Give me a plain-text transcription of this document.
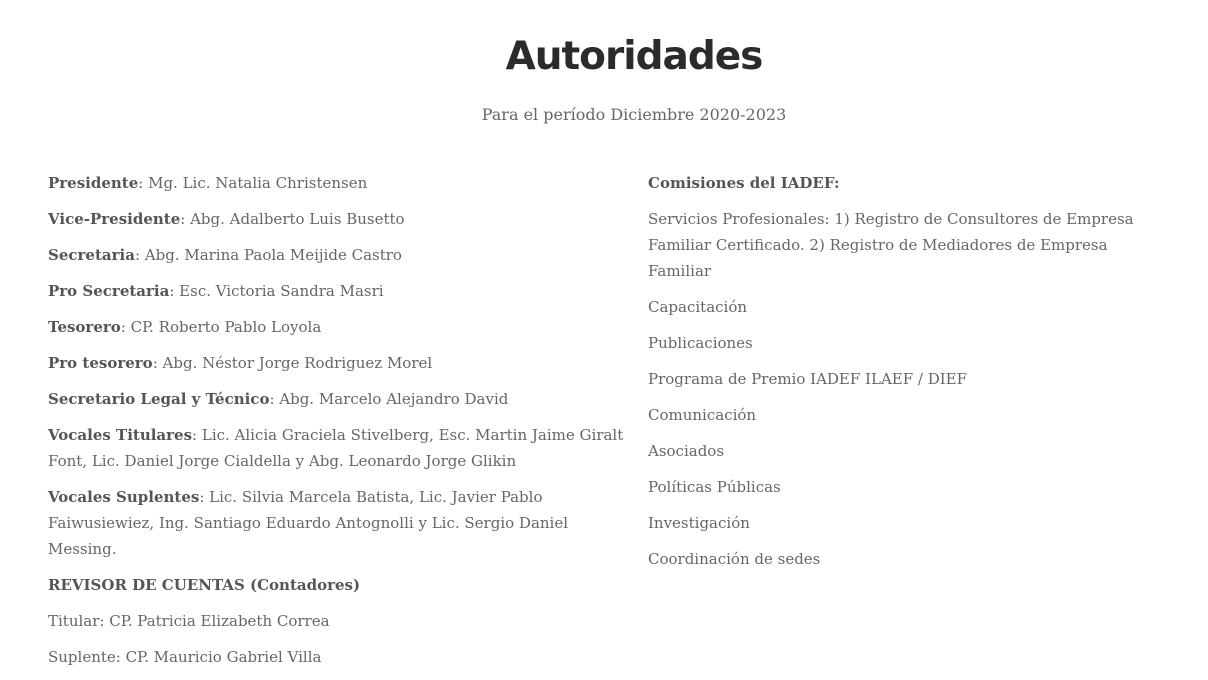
Autoridades

Para el período Diciembre 2020-2023

Presidente: Mg. Lic. Natalia Christensen

Vice-Presidente: Abg. Adalberto Luis Busetto

Secretaria: Abg. Marina Paola Meijide Castro

Pro Secretaria: Esc. Victoria Sandra Masri

Tesorero: CP. Roberto Pablo Loyola

Pro tesorero: Abg. Néstor Jorge Rodriguez Morel

Secretario Legal y Técnico: Abg. Marcelo Alejandro David

Vocales Titulares: Lic. Alicia Graciela Stivelberg, Esc. Martin Jaime Giralt Font, Lic. Daniel Jorge Cialdella y Abg. Leonardo Jorge Glikin

Vocales Suplentes: Lic. Silvia Marcela Batista, Lic. Javier Pablo Faiwusiewiez, Ing. Santiago Eduardo Antognolli y Lic. Sergio Daniel Messing.

REVISOR DE CUENTAS (Contadores)

Titular: CP. Patricia Elizabeth Correa

Suplente: CP. Mauricio Gabriel Villa

Comisiones del IADEF:

Servicios Profesionales: 1) Registro de Consultores de Empresa Familiar Certificado. 2) Registro de Mediadores de Empresa Familiar

Capacitación

Publicaciones

Programa de Premio IADEF ILAEF / DIEF

Comunicación

Asociados

Políticas Públicas

Investigación

Coordinación de sedes
